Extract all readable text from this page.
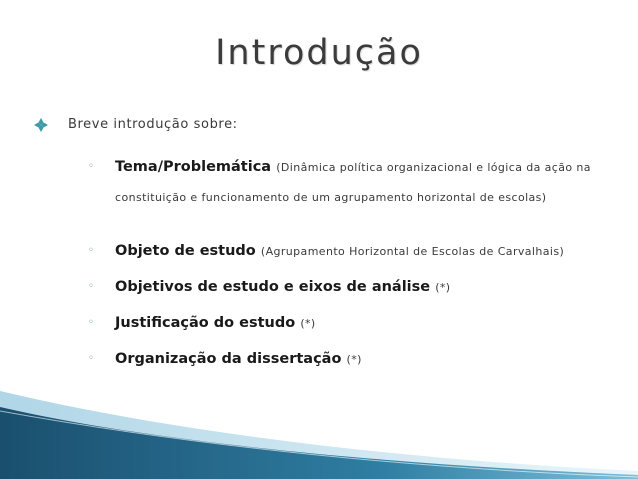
Introdução
Breve introdução sobre:
◦ Tema/Problemática (Dinâmica política organizacional e lógica da ação na constituição e funcionamento de um agrupamento horizontal de escolas)
◦ Objeto de estudo (Agrupamento Horizontal de Escolas de Carvalhais)
◦ Objetivos de estudo e eixos de análise (*)
◦ Justificação do estudo (*)
◦ Organização da dissertação (*)
